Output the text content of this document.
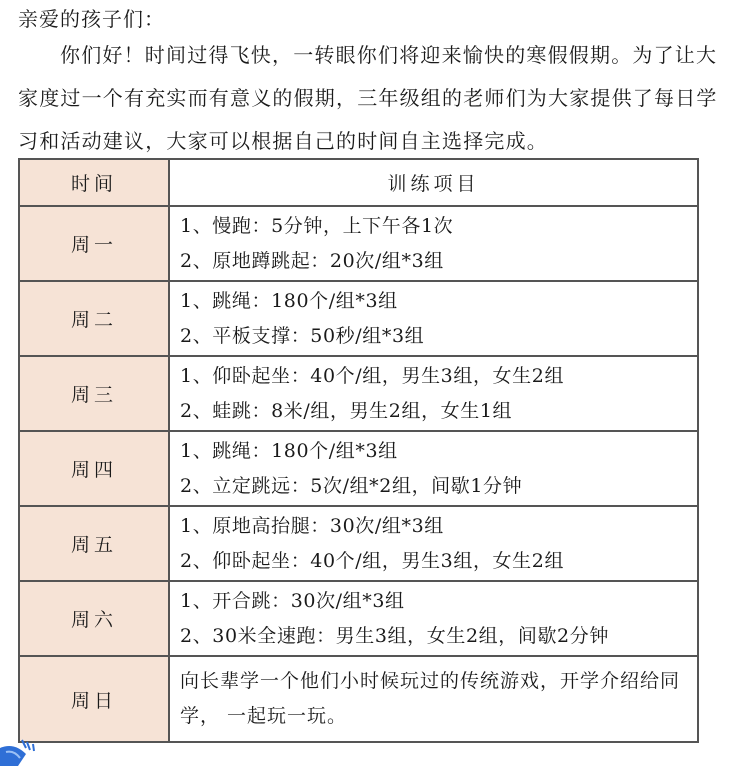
亲爱的孩子们：

你们好！时间过得飞快，一转眼你们将迎来愉快的寒假假期。为了让大家度过一个有充实而有意义的假期，三年级组的老师们为大家提供了每日学习和活动建议，大家可以根据自己的时间自主选择完成。

时间	训练项目
周一	1、慢跑：5分钟，上下午各1次
2、原地蹲跳起：20次/组*3组

周二	1、跳绳：180个/组*3组
2、平板支撑：50秒/组*3组

周三	1、仰卧起坐：40个/组，男生3组，女生2组
2、蛙跳：8米/组，男生2组，女生1组

周四	1、跳绳：180个/组*3组
2、立定跳远：5次/组*2组，间歇1分钟

周五	1、原地高抬腿：30次/组*3组
2、仰卧起坐：40个/组，男生3组，女生2组

周六	1、开合跳：30次/组*3组
2、30米全速跑：男生3组，女生2组，间歇2分钟

周日	向长辈学一个他们小时候玩过的传统游戏，开学介绍给同学， 一起玩一玩。
